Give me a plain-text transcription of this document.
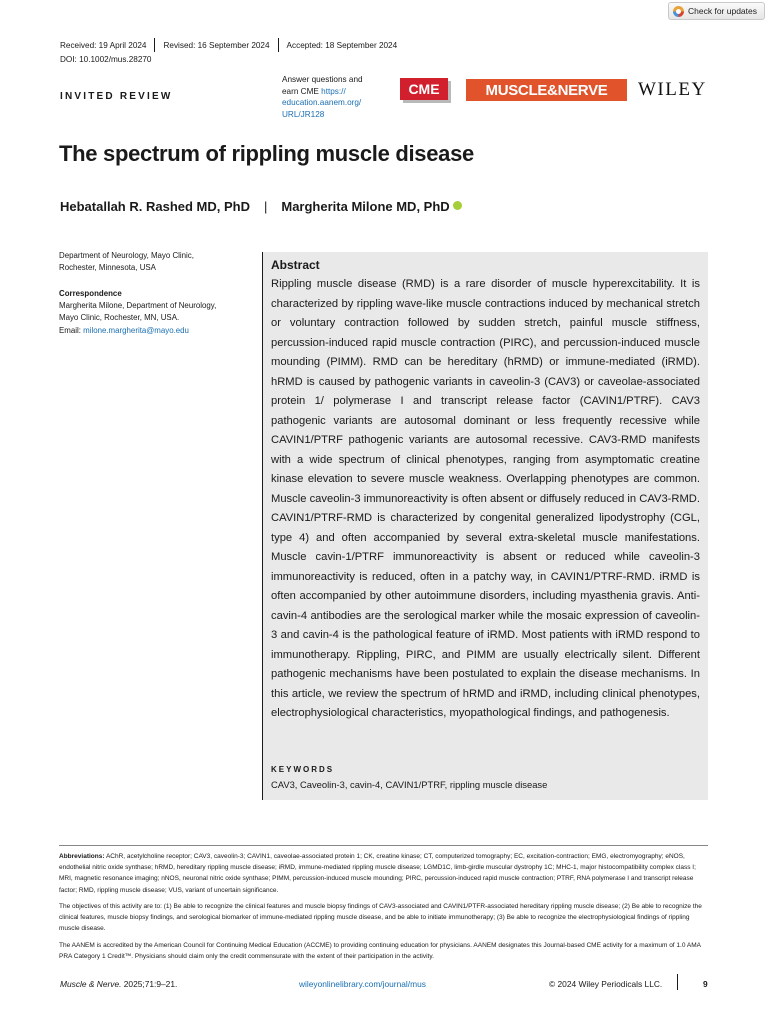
Check for updates
Received: 19 April 2024	Revised: 16 September 2024	Accepted: 18 September 2024
DOI: 10.1002/mus.28270
INVITED REVIEW
Answer questions and
earn CME https://
education.aanem.org/
URL/JR128
CME	MUSCLE&NERVE	WILEY
The spectrum of rippling muscle disease
Hebatallah R. Rashed MD, PhD	|	Margherita Milone MD, PhD
Department of Neurology, Mayo Clinic,
Rochester, Minnesota, USA
Correspondence
Margherita Milone, Department of Neurology,
Mayo Clinic, Rochester, MN, USA.
Email: milone.margherita@mayo.edu
Abstract
Rippling muscle disease (RMD) is a rare disorder of muscle hyperexcitability. It is characterized by rippling wave-like muscle contractions induced by mechanical stretch or voluntary contraction followed by sudden stretch, painful muscle stiffness, percussion-induced rapid muscle contraction (PIRC), and percussion-induced muscle mounding (PIMM). RMD can be hereditary (hRMD) or immune-mediated (iRMD). hRMD is caused by pathogenic variants in caveolin-3 (CAV3) or caveolae-associated protein 1/ polymerase I and transcript release factor (CAVIN1/PTRF). CAV3 pathogenic variants are autosomal dominant or less frequently recessive while CAVIN1/PTRF pathogenic variants are autosomal recessive. CAV3-RMD manifests with a wide spectrum of clinical phenotypes, ranging from asymptomatic creatine kinase elevation to severe muscle weakness. Overlapping phenotypes are common. Muscle caveolin-3 immunoreactivity is often absent or diffusely reduced in CAV3-RMD. CAVIN1/PTRF-RMD is characterized by congenital generalized lipodystrophy (CGL, type 4) and often accompanied by several extra-skeletal muscle manifestations. Muscle cavin-1/PTRF immunoreactivity is absent or reduced while caveolin-3 immunoreactivity is reduced, often in a patchy way, in CAVIN1/PTRF-RMD. iRMD is often accompanied by other autoimmune disorders, including myasthenia gravis. Anti-cavin-4 antibodies are the serological marker while the mosaic expression of caveolin-3 and cavin-4 is the pathological feature of iRMD. Most patients with iRMD respond to immunotherapy. Rippling, PIRC, and PIMM are usually electrically silent. Different pathogenic mechanisms have been postulated to explain the disease mechanisms. In this article, we review the spectrum of hRMD and iRMD, including clinical phenotypes, electrophysiological characteristics, myopathological findings, and pathogenesis.
KEYWORDS
CAV3, Caveolin-3, cavin-4, CAVIN1/PTRF, rippling muscle disease
Abbreviations: AChR, acetylcholine receptor; CAV3, caveolin-3; CAVIN1, caveolae-associated protein 1; CK, creatine kinase; CT, computerized tomography; EC, excitation-contraction; EMG, electromyography; eNOS, endothelial nitric oxide synthase; hRMD, hereditary rippling muscle disease; iRMD, immune-mediated rippling muscle disease; LGMD1C, limb-girdle muscular dystrophy 1C; MHC-1, major histocompatibility complex class I; MRI, magnetic resonance imaging; nNOS, neuronal nitric oxide synthase; PIMM, percussion-induced muscle mounding; PIRC, percussion-induced rapid muscle contraction; PTRF, RNA polymerase I and transcript release factor; RMD, rippling muscle disease; VUS, variant of uncertain significance.
The objectives of this activity are to: (1) Be able to recognize the clinical features and muscle biopsy findings of CAV3-associated and CAVIN1/PTFR-associated hereditary rippling muscle disease; (2) Be able to recognize the clinical features, muscle biopsy findings, and serological biomarker of immune-mediated rippling muscle disease, and be able to initiate immunotherapy; (3) Be able to recognize the electrophysiological findings of rippling muscle disease.
The AANEM is accredited by the American Council for Continuing Medical Education (ACCME) to providing continuing education for physicians. AANEM designates this Journal-based CME activity for a maximum of 1.0 AMA PRA Category 1 Credit™. Physicians should claim only the credit commensurate with the extent of their participation in the activity.
Muscle & Nerve. 2025;71:9–21.	wileyonlinelibrary.com/journal/mus	© 2024 Wiley Periodicals LLC.	9
